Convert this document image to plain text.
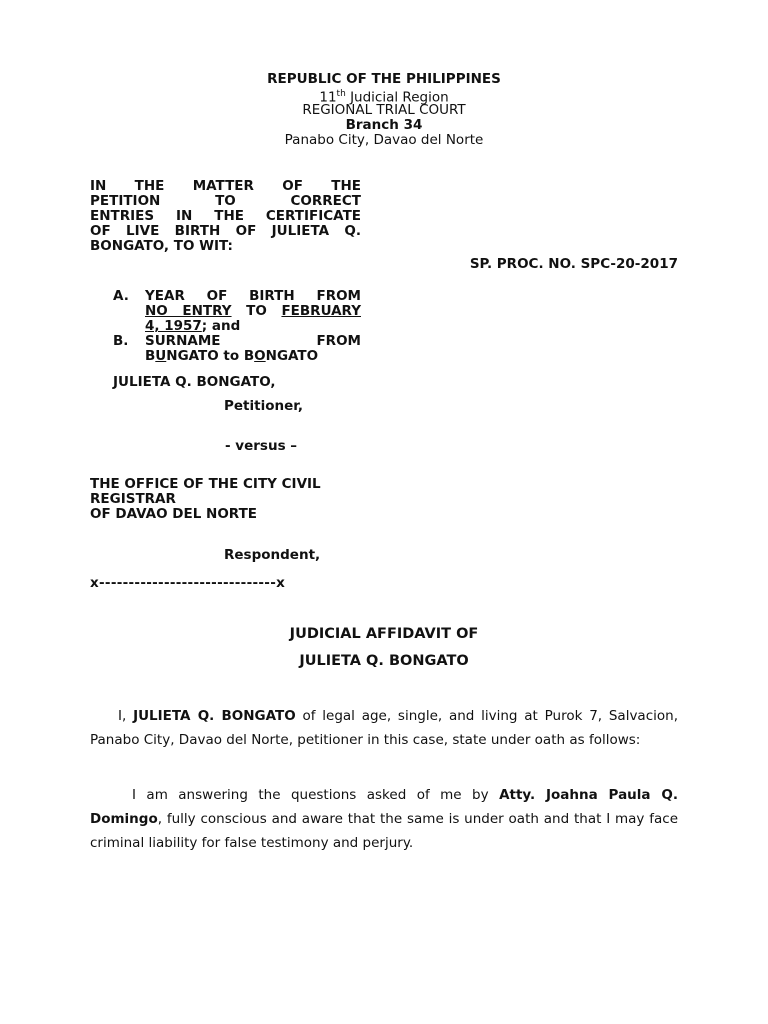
REPUBLIC OF THE PHILIPPINES
11th Judicial Region
REGIONAL TRIAL COURT
Branch 34
Panabo City, Davao del Norte
IN THE MATTER OF THE
PETITION TO CORRECT
ENTRIES IN THE CERTIFICATE
OF LIVE BIRTH OF JULIETA Q.
BONGATO, TO WIT:
SP. PROC. NO. SPC-20-2017
A. YEAR OF BIRTH FROM
NO ENTRY TO FEBRUARY
4, 1957; and
B. SURNAME FROM
BUNGATO to BONGATO
JULIETA Q. BONGATO,
Petitioner,
- versus –
THE OFFICE OF THE CITY CIVIL
REGISTRAR
OF DAVAO DEL NORTE
Respondent,
x------------------------------x
JUDICIAL AFFIDAVIT OF
JULIETA Q. BONGATO
I, JULIETA Q. BONGATO of legal age, single, and living at Purok 7, Salvacion, Panabo City, Davao del Norte, petitioner in this case, state under oath as follows:
I am answering the questions asked of me by Atty. Joahna Paula Q. Domingo, fully conscious and aware that the same is under oath and that I may face criminal liability for false testimony and perjury.
